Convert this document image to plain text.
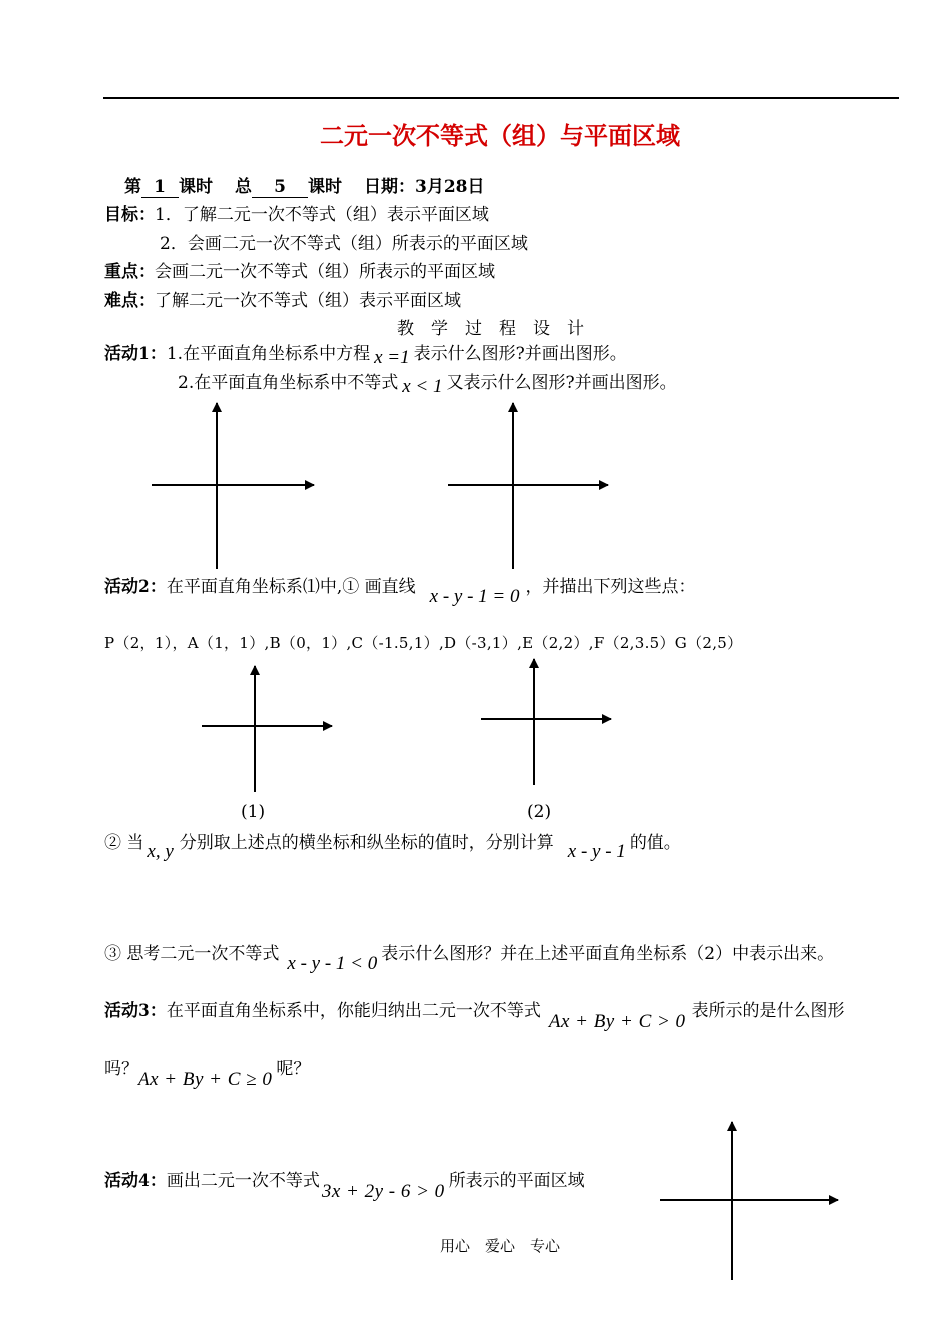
二元一次不等式（组）与平面区域
第 1 课时 总 5 课时 日期：3月28日
目标：1．了解二元一次不等式（组）表示平面区域
2．会画二元一次不等式（组）所表示的平面区域
重点：会画二元一次不等式（组）所表示的平面区域
难点：了解二元一次不等式（组）表示平面区域
教　学　过　程　设　计
活动1：1.在平面直角坐标系中方程 x =1 表示什么图形?并画出图形。
2.在平面直角坐标系中不等式 x < 1 又表示什么图形?并画出图形。
活动2：在平面直角坐标系⑴中,① 画直线 x - y - 1 = 0 ，并描出下列这些点：
P（2，1），A（1，1）,B（0，1）,C（-1.5,1）,D（-3,1）,E（2,2）,F（2,3.5）G（2,5）
(1)	(2)
② 当 x, y 分别取上述点的横坐标和纵坐标的值时，分别计算 x - y - 1 的值。
③ 思考二元一次不等式 x - y - 1 < 0 表示什么图形？并在上述平面直角坐标系（2）中表示出来。
活动3：在平面直角坐标系中，你能归纳出二元一次不等式 Ax + By + C > 0 表所示的是什么图形
吗？Ax + By + C ≥ 0 呢？
活动4：画出二元一次不等式 3x + 2y - 6 > 0 所表示的平面区域
用心　爱心　专心
